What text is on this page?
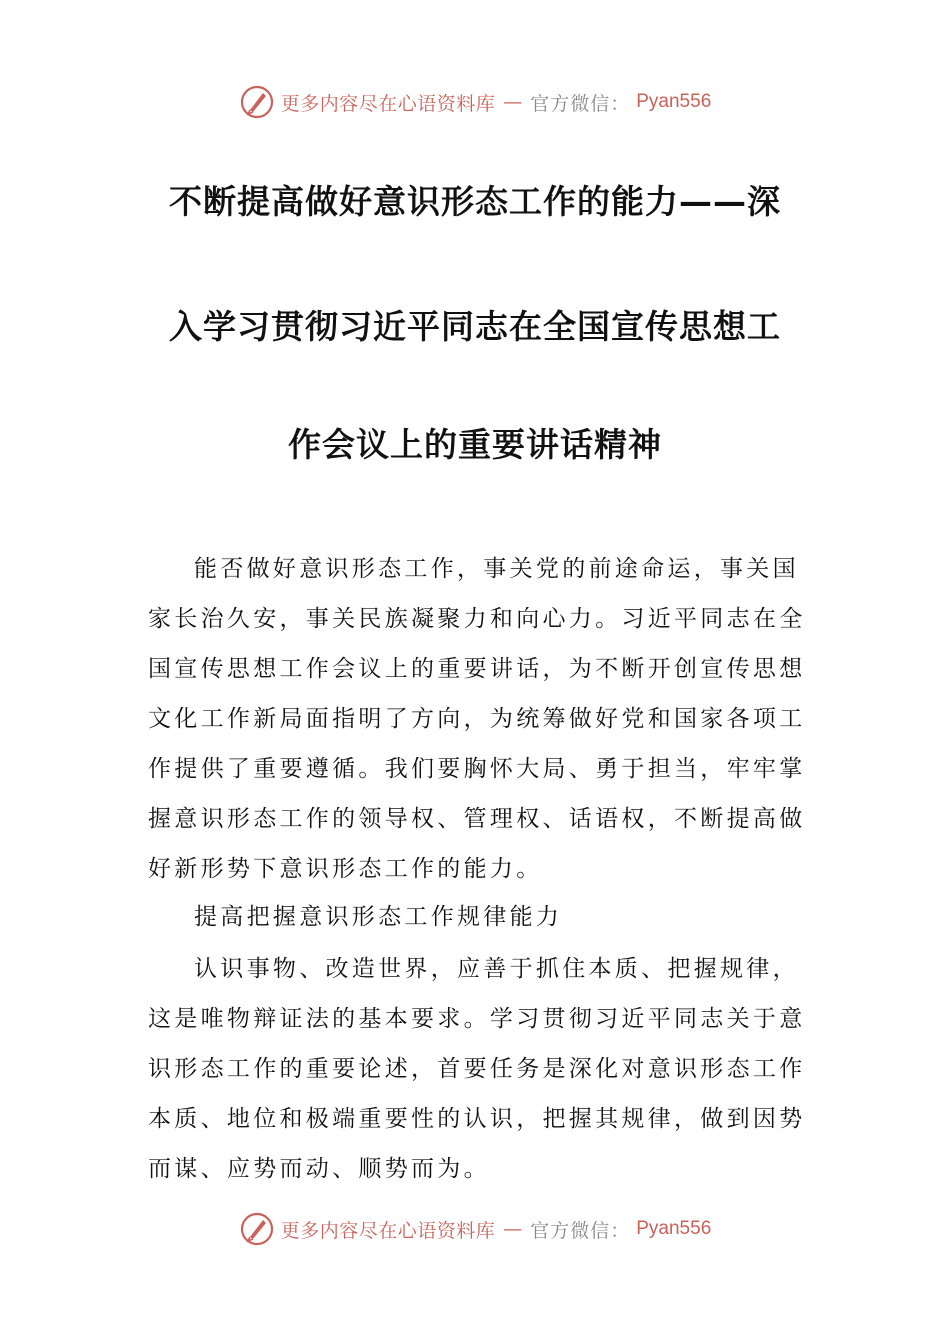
更多内容尽在心语资料库 — 官方微信： Pyan556
不断提高做好意识形态工作的能力——深
入学习贯彻习近平同志在全国宣传思想工
作会议上的重要讲话精神

能否做好意识形态工作，事关党的前途命运，事关国家长治久安，事关民族凝聚力和向心力。习近平同志在全国宣传思想工作会议上的重要讲话，为不断开创宣传思想文化工作新局面指明了方向，为统筹做好党和国家各项工作提供了重要遵循。我们要胸怀大局、勇于担当，牢牢掌握意识形态工作的领导权、管理权、话语权，不断提高做好新形势下意识形态工作的能力。

提高把握意识形态工作规律能力

认识事物、改造世界，应善于抓住本质、把握规律，这是唯物辩证法的基本要求。学习贯彻习近平同志关于意识形态工作的重要论述，首要任务是深化对意识形态工作本质、地位和极端重要性的认识，把握其规律，做到因势而谋、应势而动、顺势而为。

更多内容尽在心语资料库 — 官方微信： Pyan556
